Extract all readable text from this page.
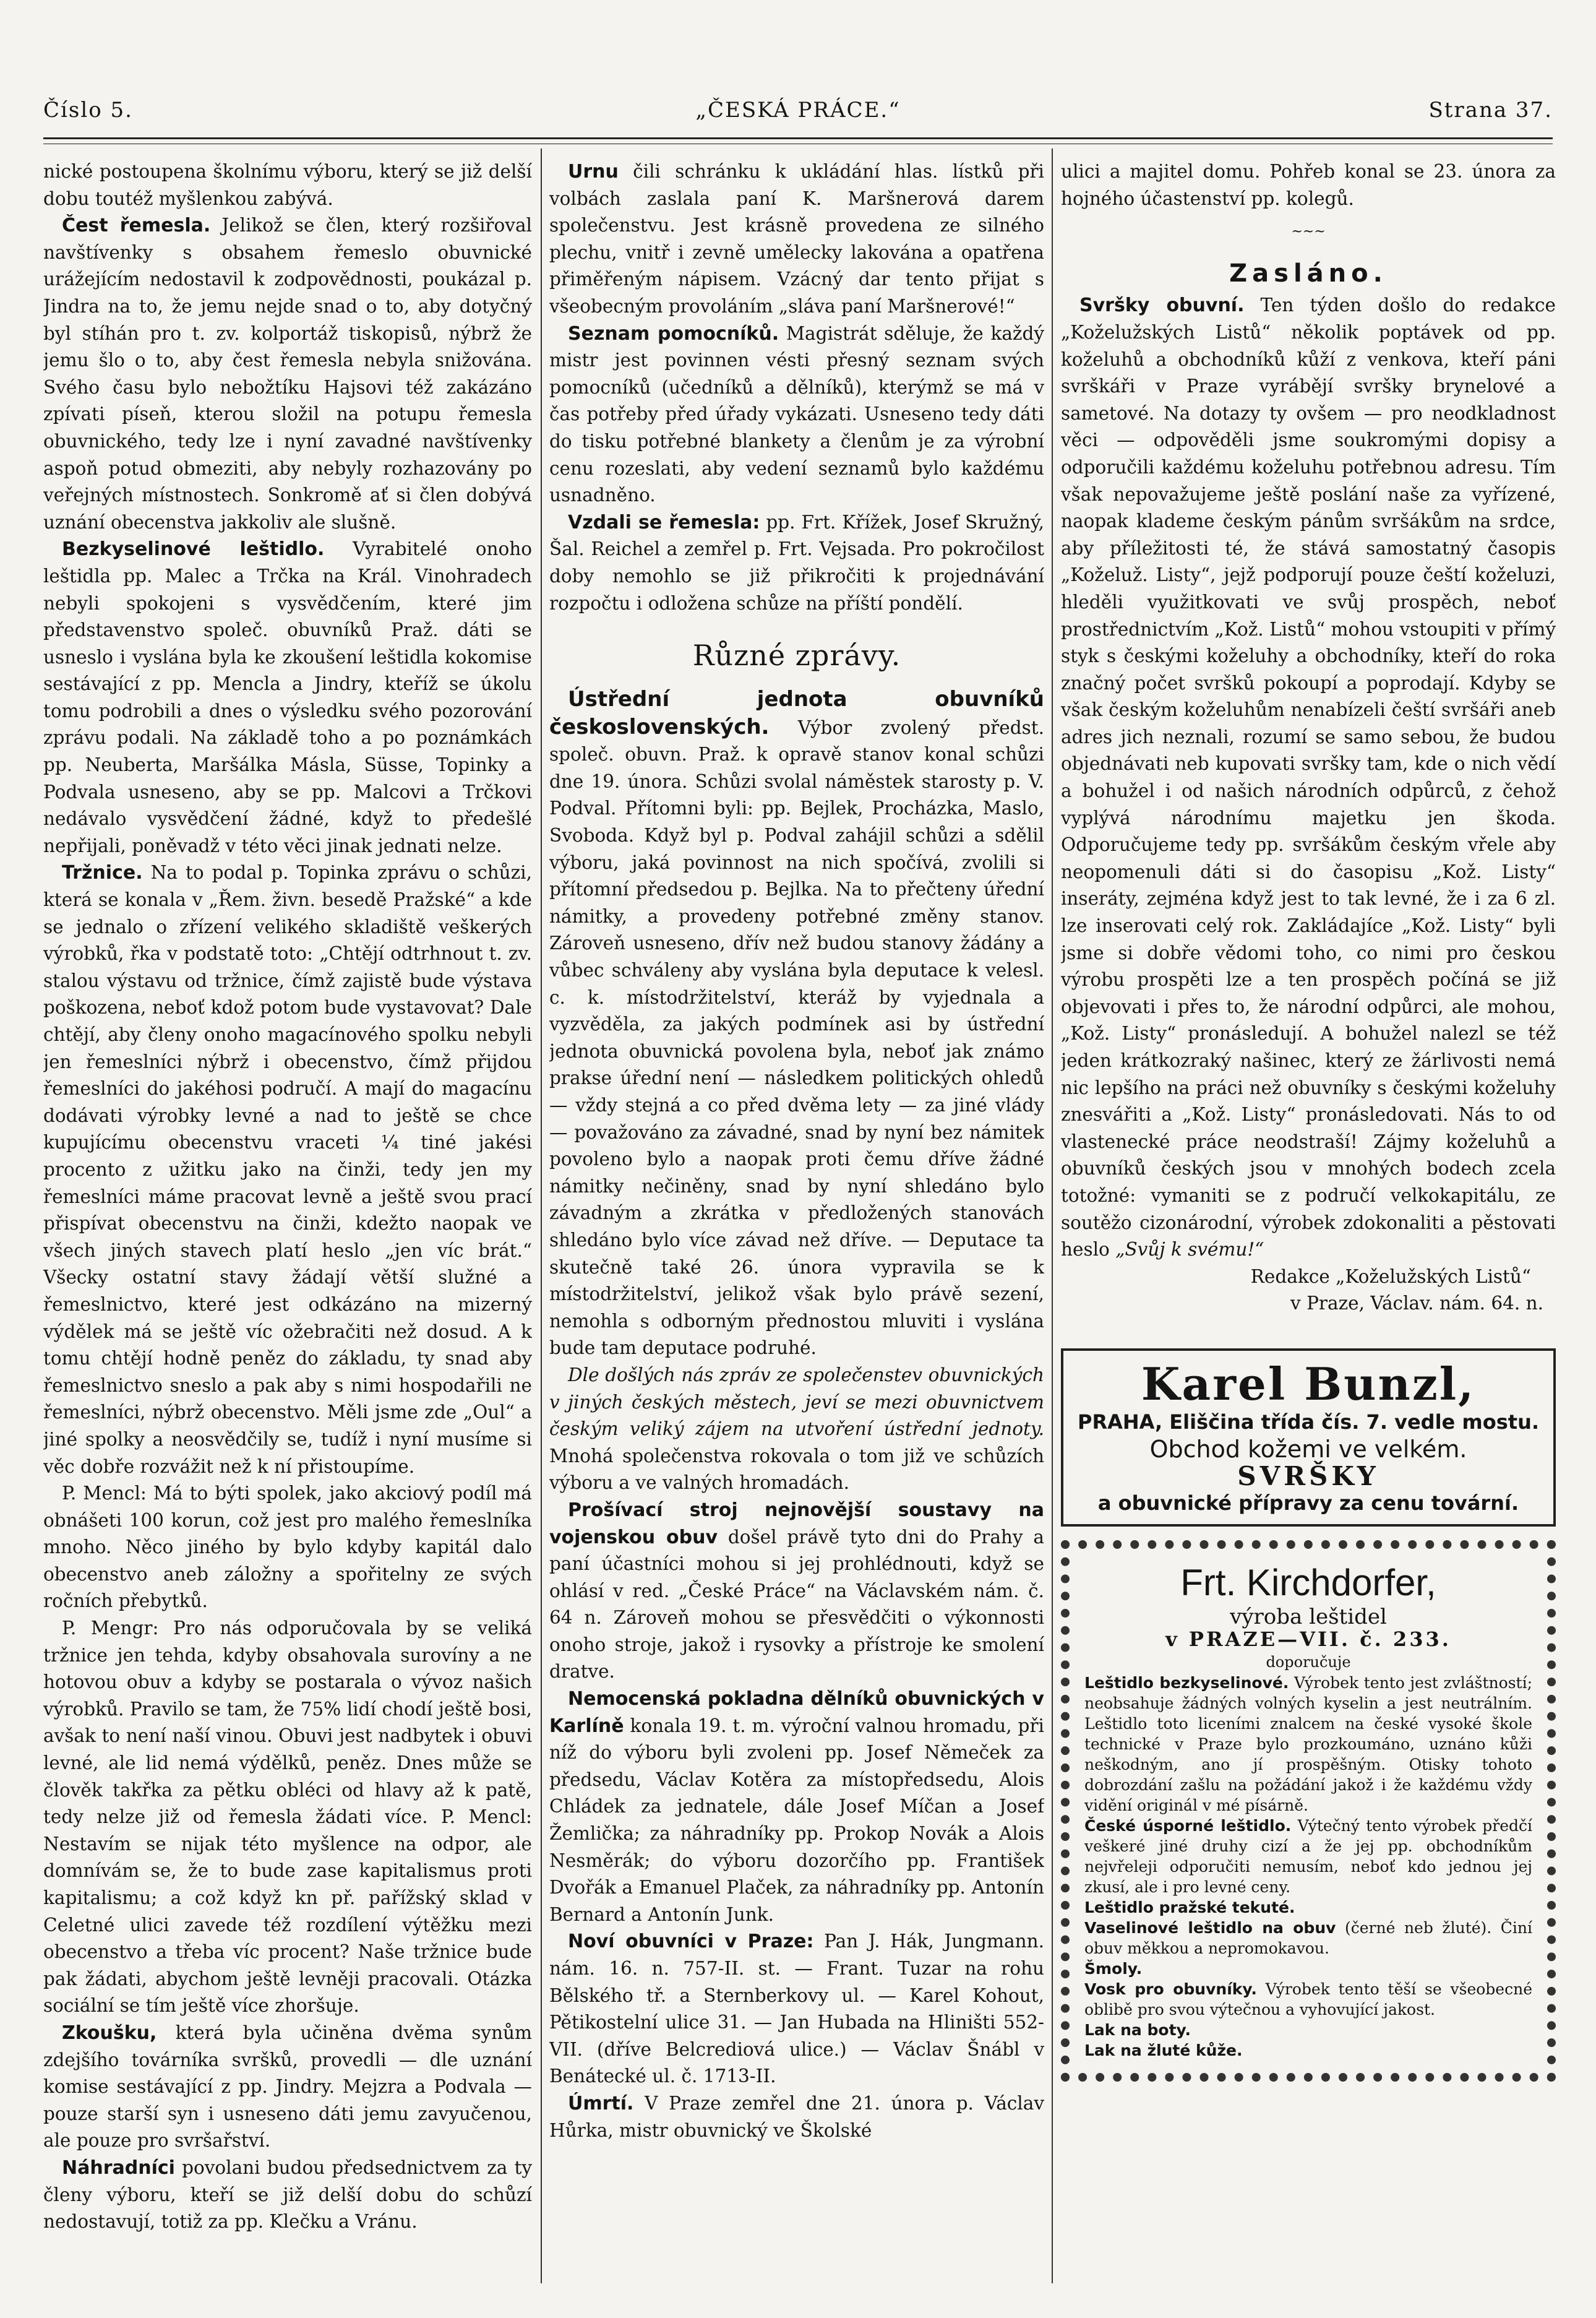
Číslo 5.	„ČESKÁ PRÁCE.“	Strana 37.

nické postoupena školnímu výboru, který se již delší dobu toutéž myšlenkou zabývá.

Čest řemesla. Jelikož se člen, který rozšiřoval navštívenky s obsahem řemeslo obuvnické urážejícím nedostavil k zodpovědnosti, poukázal p. Jindra na to, že jemu nejde snad o to, aby dotyčný byl stíhán pro t. zv. kolportáž tiskopisů, nýbrž že jemu šlo o to, aby čest řemesla nebyla snižována. Svého času bylo nebožtíku Hajsovi též zakázáno zpívati píseň, kterou složil na potupu řemesla obuvnického, tedy lze i nyní zavadné navštívenky aspoň potud obmeziti, aby nebyly rozhazovány po veřejných místnostech. Sonkromě ať si člen dobývá uznání obecenstva jakkoliv ale slušně.

Bezkyselinové leštidlo. Vyrabitelé onoho leštidla pp. Malec a Trčka na Král. Vinohradech nebyli spokojeni s vysvědčením, které jim představenstvo společ. obuvníků Praž. dáti se usneslo i vyslána byla ke zkoušení leštidla kokomise sestávající z pp. Mencla a Jindry, kteříž se úkolu tomu podrobili a dnes o výsledku svého pozorování zprávu podali. Na základě toho a po poznámkách pp. Neuberta, Maršálka Másla, Süsse, Topinky a Podvala usneseno, aby se pp. Malcovi a Trčkovi nedávalo vysvědčení žádné, když to předešlé nepřijali, poněvadž v této věci jinak jednati nelze.

Tržnice. Na to podal p. Topinka zprávu o schůzi, která se konala v „Řem. živn. besedě Pražské“ a kde se jednalo o zřízení velikého skladiště veškerých výrobků, řka v podstatě toto: „Chtějí odtrhnout t. zv. stalou výstavu od tržnice, čímž zajistě bude výstava poškozena, neboť kdož potom bude vystavovat? Dale chtějí, aby členy onoho magacínového spolku nebyli jen řemeslníci nýbrž i obecenstvo, čímž přijdou řemeslníci do jakéhosi područí. A mají do magacínu dodávati výrobky levné a nad to ještě se chce kupujícímu obecenstvu vraceti ¼ tiné jakési procento z užitku jako na činži, tedy jen my řemeslníci máme pracovat levně a ještě svou prací přispívat obecenstvu na činži, kdežto naopak ve všech jiných stavech platí heslo „jen víc brát.“ Všecky ostatní stavy žádají větší služné a řemeslnictvo, které jest odkázáno na mizerný výdělek má se ještě víc ožebračiti než dosud. A k tomu chtějí hodně peněz do základu, ty snad aby řemeslnictvo sneslo a pak aby s nimi hospodařili ne řemeslníci, nýbrž obecenstvo. Měli jsme zde „Oul“ a jiné spolky a neosvědčily se, tudíž i nyní musíme si věc dobře rozvážit než k ní přistoupíme.

P. Mencl: Má to býti spolek, jako akciový podíl má obnášeti 100 korun, což jest pro malého řemeslníka mnoho. Něco jiného by bylo kdyby kapitál dalo obecenstvo aneb záložny a spořitelny ze svých ročních přebytků.

P. Mengr: Pro nás odporučovala by se veliká tržnice jen tehda, kdyby obsahovala surovíny a ne hotovou obuv a kdyby se postarala o vývoz našich výrobků. Pravilo se tam, že 75% lidí chodí ještě bosi, avšak to není naší vinou. Obuvi jest nadbytek i obuvi levné, ale lid nemá výdělků, peněz. Dnes může se člověk takřka za pětku obléci od hlavy až k patě, tedy nelze již od řemesla žádati více. P. Mencl: Nestavím se nijak této myšlence na odpor, ale domnívám se, že to bude zase kapitalismus proti kapitalismu; a což když kn př. pařížský sklad v Celetné ulici zavede též rozdílení výtěžku mezi obecenstvo a třeba víc procent? Naše tržnice bude pak žádati, abychom ještě levněji pracovali. Otázka sociální se tím ještě více zhoršuje.

Zkoušku, která byla učiněna dvěma synům zdejšího továrníka svršků, provedli — dle uznání komise sestávající z pp. Jindry. Mejzra a Podvala — pouze starší syn i usneseno dáti jemu zavyučenou, ale pouze pro svršařství.

Náhradníci povolani budou předsednictvem za ty členy výboru, kteří se již delší dobu do schůzí nedostavují, totiž za pp. Klečku a Vránu.

Urnu čili schránku k ukládání hlas. lístků při volbách zaslala paní K. Maršnerová darem společenstvu. Jest krásně provedena ze silného plechu, vnitř i zevně umělecky lakována a opatřena přiměřeným nápisem. Vzácný dar tento přijat s všeobecným provoláním „sláva paní Maršnerové!“

Seznam pomocníků. Magistrát sděluje, že každý mistr jest povinnen vésti přesný seznam svých pomocníků (učedníků a dělníků), kterýmž se má v čas potřeby před úřady vykázati. Usneseno tedy dáti do tisku potřebné blankety a členům je za výrobní cenu rozeslati, aby vedení seznamů bylo každému usnadněno.

Vzdali se řemesla: pp. Frt. Křížek, Josef Skružný, Šal. Reichel a zemřel p. Frt. Vejsada. Pro pokročilost doby nemohlo se již přikročiti k projednávání rozpočtu i odložena schůze na příští pondělí.

Různé zprávy.

Ústřední jednota obuvníků československých. Výbor zvolený předst. společ. obuvn. Praž. k opravě stanov konal schůzi dne 19. února. Schůzi svolal náměstek starosty p. V. Podval. Přítomni byli: pp. Bejlek, Procházka, Maslo, Svoboda. Když byl p. Podval zahájil schůzi a sdělil výboru, jaká povinnost na nich spočívá, zvolili si přítomní předsedou p. Bejlka. Na to přečteny úřední námitky, a provedeny potřebné změny stanov. Zároveň usneseno, dřív než budou stanovy žádány a vůbec schváleny aby vyslána byla deputace k velesl. c. k. místodržitelství, kteráž by vyjednala a vyzvěděla, za jakých podmínek asi by ústřední jednota obuvnická povolena byla, neboť jak známo prakse úřední není — následkem politických ohledů — vždy stejná a co před dvěma lety — za jiné vlády — považováno za závadné, snad by nyní bez námitek povoleno bylo a naopak proti čemu dříve žádné námitky nečiněny, snad by nyní shledáno bylo závadným a zkrátka v předložených stanovách shledáno bylo více závad než dříve. — Deputace ta skutečně také 26. února vypravila se k místodržitelství, jelikož však bylo právě sezení, nemohla s odborným přednostou mluviti i vyslána bude tam deputace podruhé.

Dle došlých nás zpráv ze společenstev obuvnických v jiných českých městech, jeví se mezi obuvnictvem českým veliký zájem na utvoření ústřední jednoty. Mnohá společenstva rokovala o tom již ve schůzích výboru a ve valných hromadách.

Prošívací stroj nejnovější soustavy na vojenskou obuv došel právě tyto dni do Prahy a paní účastníci mohou si jej prohlédnouti, když se ohlásí v red. „České Práce“ na Václavském nám. č. 64 n. Zároveň mohou se přesvědčiti o výkonnosti onoho stroje, jakož i rysovky a přístroje ke smolení dratve.

Nemocenská pokladna dělníků obuvnických v Karlíně konala 19. t. m. výroční valnou hromadu, při níž do výboru byli zvoleni pp. Josef Němeček za předsedu, Václav Kotěra za místopředsedu, Alois Chládek za jednatele, dále Josef Míčan a Josef Žemlička; za náhradníky pp. Prokop Novák a Alois Nesměrák; do výboru dozorčího pp. František Dvořák a Emanuel Plaček, za náhradníky pp. Antonín Bernard a Antonín Junk.

Noví obuvníci v Praze: Pan J. Hák, Jungmann. nám. 16. n. 757-II. st. — Frant. Tuzar na rohu Bělského tř. a Sternberkovy ul. — Karel Kohout, Pětikostelní ulice 31. — Jan Hubada na Hliništi 552-VII. (dříve Belcrediová ulice.) — Václav Šnábl v Benátecké ul. č. 1713-II.

Úmrtí. V Praze zemřel dne 21. února p. Václav Hůrka, mistr obuvnický ve Školské

ulici a majitel domu. Pohřeb konal se 23. února za hojného účastenství pp. kolegů.

~~~
Zasláno.

Svršky obuvní. Ten týden došlo do redakce „Koželužských Listů“ několik poptávek od pp. koželuhů a obchodníků kůží z venkova, kteří páni svrškáři v Praze vyrábějí svršky brynelové a sametové. Na dotazy ty ovšem — pro neodkladnost věci — odpověděli jsme soukromými dopisy a odporučili každému koželuhu potřebnou adresu. Tím však nepovažujeme ještě poslání naše za vyřízené, naopak klademe českým pánům svršákům na srdce, aby příležitosti té, že stává samostatný časopis „Koželuž. Listy“, jejž podporují pouze čeští koželuzi, hleděli využitkovati ve svůj prospěch, neboť prostřednictvím „Kož. Listů“ mohou vstoupiti v přímý styk s českými koželuhy a obchodníky, kteří do roka značný počet svršků pokoupí a poprodají. Kdyby se však českým koželuhům nenabízeli čeští svršáři aneb adres jich neznali, rozumí se samo sebou, že budou objednávati neb kupovati svršky tam, kde o nich vědí a bohužel i od našich národních odpůrců, z čehož vyplývá národnímu majetku jen škoda. Odporučujeme tedy pp. svršákům českým vřele aby neopomenuli dáti si do časopisu „Kož. Listy“ inseráty, zejména když jest to tak levné, že i za 6 zl. lze inserovati celý rok. Zakládajíce „Kož. Listy“ byli jsme si dobře vědomi toho, co nimi pro českou výrobu prospěti lze a ten prospěch počíná se již objevovati i přes to, že národní odpůrci, ale mohou, „Kož. Listy“ pronásledují. A bohužel nalezl se též jeden krátkozraký našinec, který ze žárlivosti nemá nic lepšího na práci než obuvníky s českými koželuhy znesvářiti a „Kož. Listy“ pronásledovati. Nás to od vlastenecké práce neodstraší! Zájmy koželuhů a obuvníků českých jsou v mnohých bodech zcela totožné: vymaniti se z područí velkokapitálu, ze soutěžo cizonárodní, výrobek zdokonaliti a pěstovati heslo „Svůj k svému!“

Redakce „Koželužských Listů“

v Praze, Václav. nám. 64. n.

Karel Bunzl,
PRAHA, Eliščina třída čís. 7. vedle mostu.
Obchod kožemi ve velkém.
SVRŠKY
a obuvnické přípravy za cenu tovární.
Frt. Kirchdorfer,
výroba leštidel
v PRAZE—VII. č. 233.
doporučuje

Leštidlo bezkyselinové. Výrobek tento jest zvláštností; neobsahuje žádných volných kyselin a jest neutrálním. Leštidlo toto liceními znalcem na české vysoké škole technické v Praze bylo prozkoumáno, uznáno kůži neškodným, ano jí prospěšným. Otisky tohoto dobrozdání zašlu na požádání jakož i že každému vždy vidění originál v mé písárně.

České úsporné leštidlo. Výtečný tento výrobek předčí veškeré jiné druhy cizí a že jej pp. obchodníkům nejvřeleji odporučiti nemusím, neboť kdo jednou jej zkusí, ale i pro levné ceny.

Leštidlo pražské tekuté.

Vaselinové leštidlo na obuv (černé neb žluté). Činí obuv měkkou a nepromokavou.

Šmoly.

Vosk pro obuvníky. Výrobek tento těší se všeobecné oblibě pro svou výtečnou a vyhovující jakost.

Lak na boty.

Lak na žluté kůže.
